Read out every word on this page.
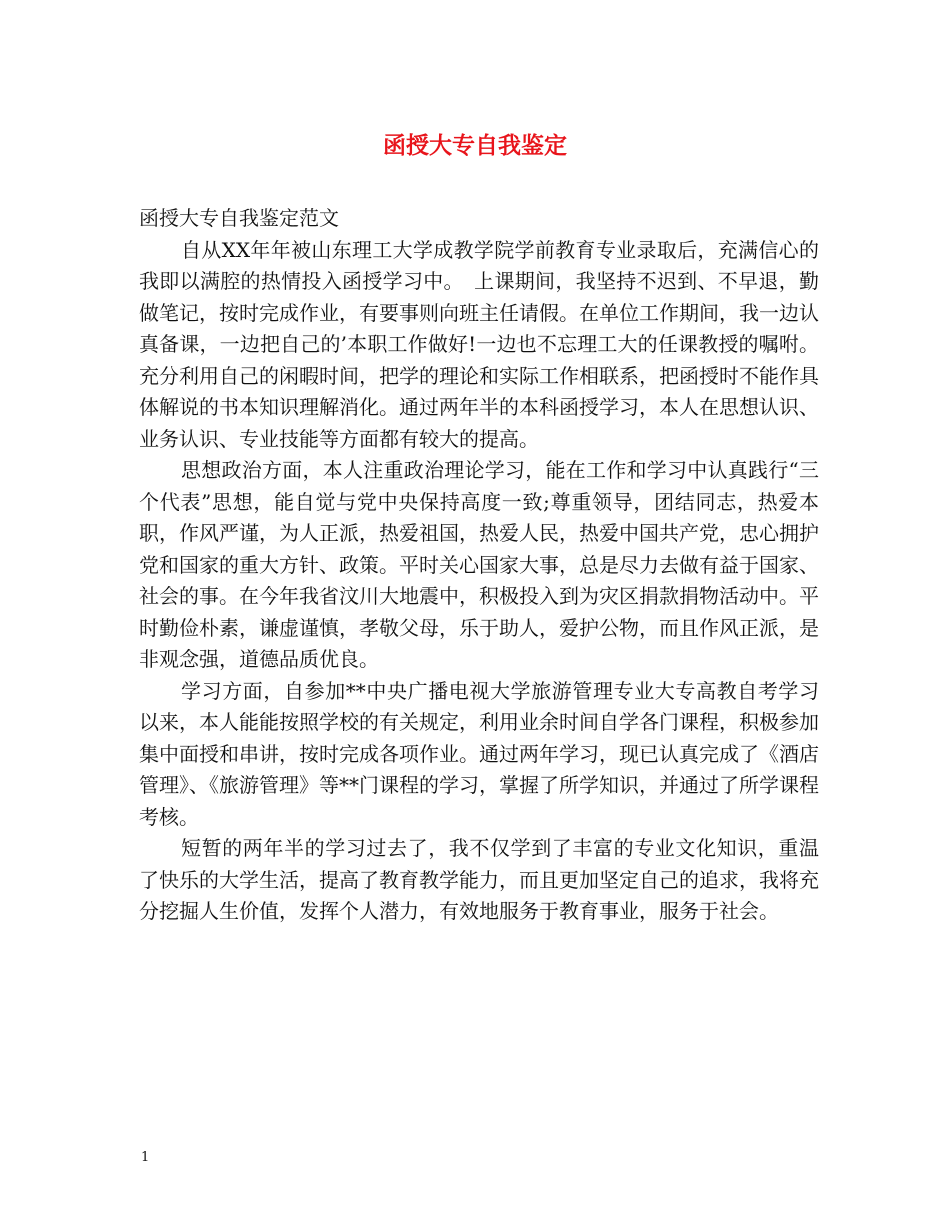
函授大专自我鉴定

函授大专自我鉴定范文

自从XX年年被山东理工大学成教学院学前教育专业录取后，充满信心的我即以满腔的热情投入函授学习中。　上课期间，我坚持不迟到、不早退，勤做笔记，按时完成作业，有要事则向班主任请假。在单位工作期间，我一边认真备课，一边把自己的’本职工作做好!一边也不忘理工大的任课教授的嘱咐。充分利用自己的闲暇时间，把学的理论和实际工作相联系，把函授时不能作具体解说的书本知识理解消化。通过两年半的本科函授学习，本人在思想认识、业务认识、专业技能等方面都有较大的提高。

思想政治方面，本人注重政治理论学习，能在工作和学习中认真践行“三个代表”思想，能自觉与党中央保持高度一致;尊重领导，团结同志，热爱本职，作风严谨，为人正派，热爱祖国，热爱人民，热爱中国共产党，忠心拥护党和国家的重大方针、政策。平时关心国家大事，总是尽力去做有益于国家、社会的事。在今年我省汶川大地震中，积极投入到为灾区捐款捐物活动中。平时勤俭朴素，谦虚谨慎，孝敬父母，乐于助人，爱护公物，而且作风正派，是非观念强，道德品质优良。

学习方面，自参加**中央广播电视大学旅游管理专业大专高教自考学习以来，本人能能按照学校的有关规定，利用业余时间自学各门课程，积极参加集中面授和串讲，按时完成各项作业。通过两年学习，现已认真完成了《酒店管理》、《旅游管理》等**门课程的学习，掌握了所学知识，并通过了所学课程考核。

短暂的两年半的学习过去了，我不仅学到了丰富的专业文化知识，重温了快乐的大学生活，提高了教育教学能力，而且更加坚定自己的追求，我将充分挖掘人生价值，发挥个人潜力，有效地服务于教育事业，服务于社会。

1
